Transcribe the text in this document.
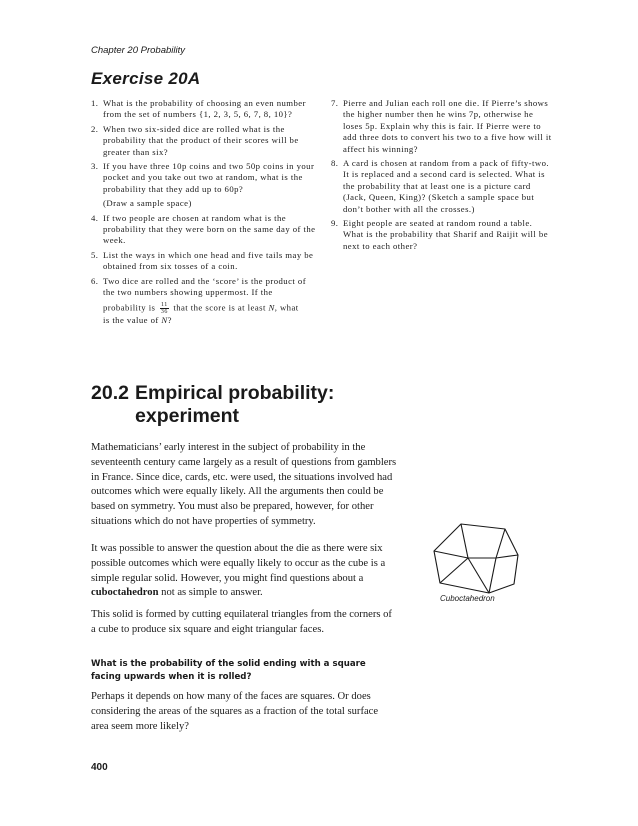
Chapter 20 Probability
Exercise 20A
1. What is the probability of choosing an even number from the set of numbers {1, 2, 3, 5, 6, 7, 8, 10}?
2. When two six-sided dice are rolled what is the probability that the product of their scores will be greater than six?
3. If you have three 10p coins and two 50p coins in your pocket and you take out two at random, what is the probability that they add up to 60p?
(Draw a sample space)
4. If two people are chosen at random what is the probability that they were born on the same day of the week.
5. List the ways in which one head and five tails may be obtained from six tosses of a coin.
6. Two dice are rolled and the ‘score’ is the product of the two numbers showing uppermost. If the
probability is $\frac{11}{36}$ that the score is at least N, what
is the value of N?
7. Pierre and Julian each roll one die. If Pierre’s shows the higher number then he wins 7p, otherwise he loses 5p. Explain why this is fair. If Pierre were to add three dots to convert his two to a five how will it affect his winning?
8. A card is chosen at random from a pack of fifty-two. It is replaced and a second card is selected. What is the probability that at least one is a picture card (Jack, Queen, King)? (Sketch a sample space but don’t bother with all the crosses.)
9. Eight people are seated at random round a table. What is the probability that Sharif and Raijit will be next to each other?
20.2 Empirical probability:
experiment
Mathematicians’ early interest in the subject of probability in the seventeenth century came largely as a result of questions from gamblers in France. Since dice, cards, etc. were used, the situations involved had outcomes which were equally likely. All the arguments then could be based on symmetry. You must also be prepared, however, for other situations which do not have properties of symmetry.
It was possible to answer the question about the die as there were six possible outcomes which were equally likely to occur as the cube is a simple regular solid. However, you might find questions about a cuboctahedron not as simple to answer.
This solid is formed by cutting equilateral triangles from the corners of a cube to produce six square and eight triangular faces.
What is the probability of the solid ending with a square facing upwards when it is rolled?
Perhaps it depends on how many of the faces are squares. Or does considering the areas of the squares as a fraction of the total surface area seem more likely?
Cuboctahedron
400
